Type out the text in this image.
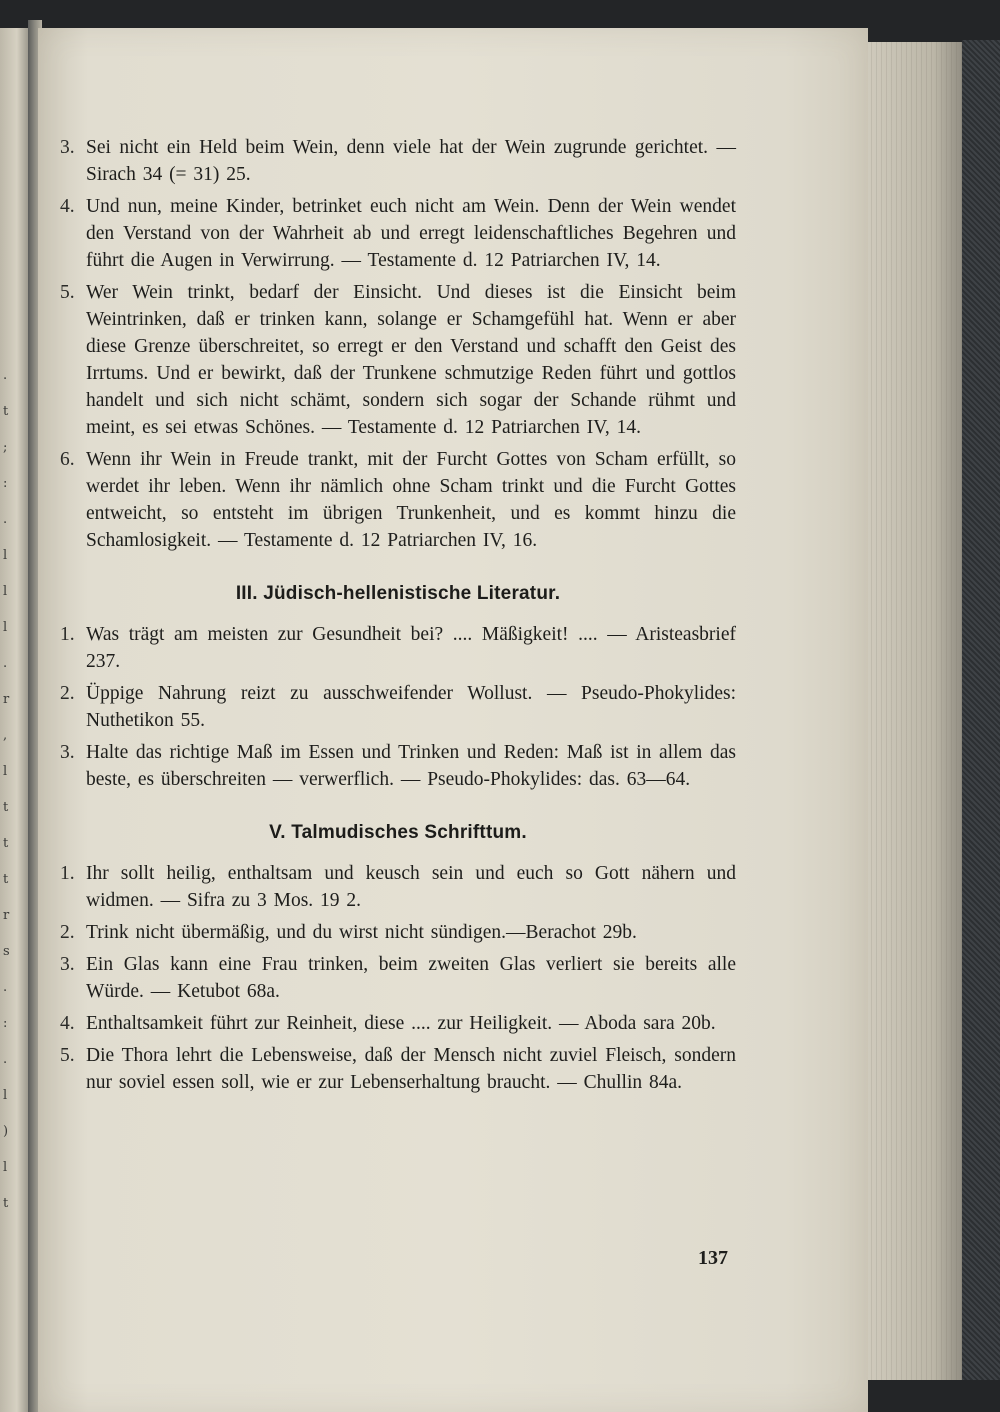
.
t
;
:
.
l
l
l
.
r
,
l
t
t
t
r
s
.
:
.
l
)
l
t
3. Sei nicht ein Held beim Wein, denn viele hat der Wein zugrunde gerichtet. — Sirach 34 (= 31) 25.
4. Und nun, meine Kinder, betrinket euch nicht am Wein. Denn der Wein wendet den Verstand von der Wahrheit ab und erregt leidenschaftliches Begehren und führt die Augen in Verwirrung. — Testamente d. 12 Patriarchen IV, 14.
5. Wer Wein trinkt, bedarf der Einsicht. Und dieses ist die Einsicht beim Weintrinken, daß er trinken kann, solange er Schamgefühl hat. Wenn er aber diese Grenze überschreitet, so erregt er den Verstand und schafft den Geist des Irrtums. Und er bewirkt, daß der Trunkene schmutzige Reden führt und gottlos handelt und sich nicht schämt, sondern sich sogar der Schande rühmt und meint, es sei etwas Schönes. — Testamente d. 12 Patriarchen IV, 14.
6. Wenn ihr Wein in Freude trankt, mit der Furcht Gottes von Scham erfüllt, so werdet ihr leben. Wenn ihr nämlich ohne Scham trinkt und die Furcht Gottes entweicht, so entsteht im übrigen Trunkenheit, und es kommt hinzu die Schamlosigkeit. — Testamente d. 12 Patriarchen IV, 16.
III. Jüdisch-hellenistische Literatur.
1. Was trägt am meisten zur Gesundheit bei? .... Mäßigkeit! .... — Aristeasbrief 237.
2. Üppige Nahrung reizt zu ausschweifender Wollust. — Pseudo-Phokylides: Nuthetikon 55.
3. Halte das richtige Maß im Essen und Trinken und Reden: Maß ist in allem das beste, es überschreiten — verwerflich. — Pseudo-Phokylides: das. 63—64.
V. Talmudisches Schrifttum.
1. Ihr sollt heilig, enthaltsam und keusch sein und euch so Gott nähern und widmen. — Sifra zu 3 Mos. 19 2.
2. Trink nicht übermäßig, und du wirst nicht sündigen.—Berachot 29b.
3. Ein Glas kann eine Frau trinken, beim zweiten Glas verliert sie bereits alle Würde. — Ketubot 68a.
4. Enthaltsamkeit führt zur Reinheit, diese .... zur Heiligkeit. — Aboda sara 20b.
5. Die Thora lehrt die Lebensweise, daß der Mensch nicht zuviel Fleisch, sondern nur soviel essen soll, wie er zur Lebenserhaltung braucht. — Chullin 84a.
137
